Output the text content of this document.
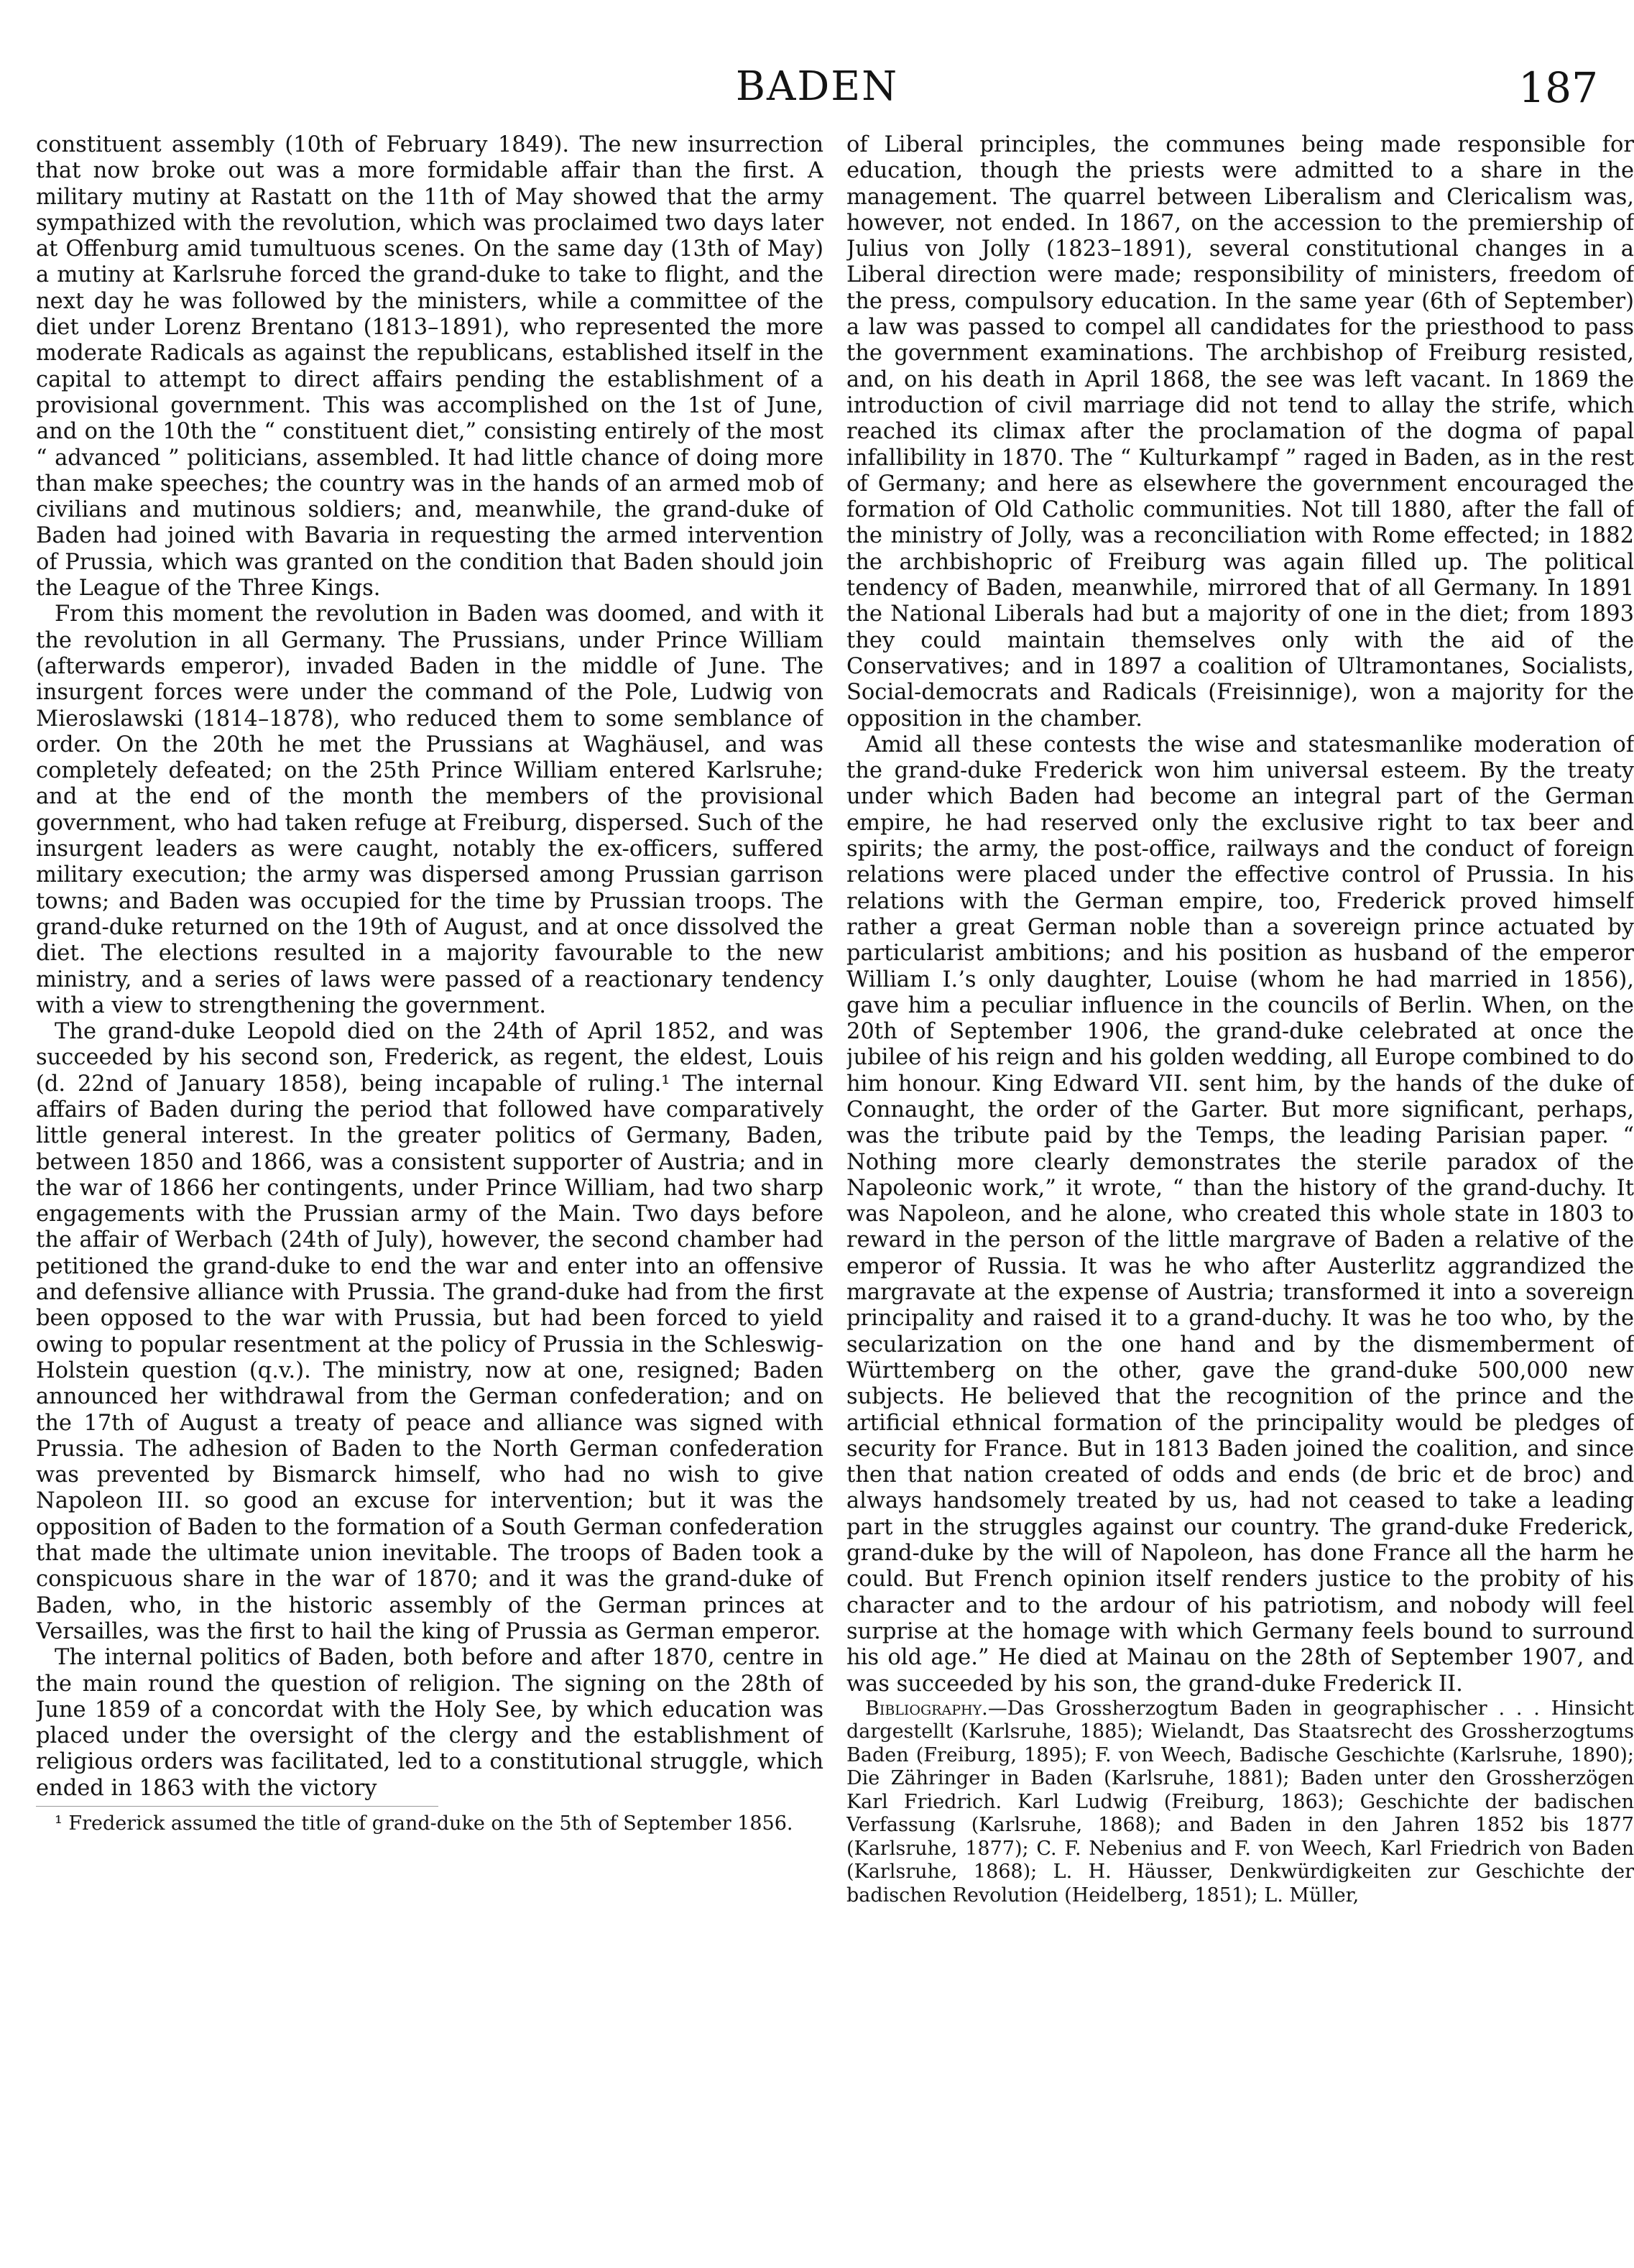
BADEN	187

constituent assembly (10th of February 1849). The new insurrection that now broke out was a more formidable affair than the first. A military mutiny at Rastatt on the 11th of May showed that the army sympathized with the revolution, which was proclaimed two days later at Offenburg amid tumultuous scenes. On the same day (13th of May) a mutiny at Karlsruhe forced the grand-duke to take to flight, and the next day he was followed by the ministers, while a committee of the diet under Lorenz Brentano (1813–1891), who represented the more moderate Radicals as against the republicans, established itself in the capital to attempt to direct affairs pending the establishment of a provisional government. This was accomplished on the 1st of June, and on the 10th the “ constituent diet,” consisting entirely of the most “ advanced ” politicians, assembled. It had little chance of doing more than make speeches; the country was in the hands of an armed mob of civilians and mutinous soldiers; and, meanwhile, the grand-duke of Baden had joined with Bavaria in requesting the armed intervention of Prussia, which was granted on the condition that Baden should join the League of the Three Kings.

From this moment the revolution in Baden was doomed, and with it the revolution in all Germany. The Prussians, under Prince William (afterwards emperor), invaded Baden in the middle of June. The insurgent forces were under the command of the Pole, Ludwig von Mieroslawski (1814–1878), who reduced them to some semblance of order. On the 20th he met the Prussians at Waghäusel, and was completely defeated; on the 25th Prince William entered Karlsruhe; and at the end of the month the members of the provisional government, who had taken refuge at Freiburg, dispersed. Such of the insurgent leaders as were caught, notably the ex-officers, suffered military execution; the army was dispersed among Prussian garrison towns; and Baden was occupied for the time by Prussian troops. The grand-duke returned on the 19th of August, and at once dissolved the diet. The elections resulted in a majority favourable to the new ministry, and a series of laws were passed of a reactionary tendency with a view to strengthening the government.

The grand-duke Leopold died on the 24th of April 1852, and was succeeded by his second son, Frederick, as regent, the eldest, Louis (d. 22nd of January 1858), being incapable of ruling.¹ The internal affairs of Baden during the period that followed have comparatively little general interest. In the greater politics of Germany, Baden, between 1850 and 1866, was a consistent supporter of Austria; and in the war of 1866 her contingents, under Prince William, had two sharp engagements with the Prussian army of the Main. Two days before the affair of Werbach (24th of July), however, the second chamber had petitioned the grand-duke to end the war and enter into an offensive and defensive alliance with Prussia. The grand-duke had from the first been opposed to the war with Prussia, but had been forced to yield owing to popular resentment at the policy of Prussia in the Schleswig-Holstein question (q.v.). The ministry, now at one, resigned; Baden announced her withdrawal from the German confederation; and on the 17th of August a treaty of peace and alliance was signed with Prussia. The adhesion of Baden to the North German confederation was prevented by Bismarck himself, who had no wish to give Napoleon III. so good an excuse for intervention; but it was the opposition of Baden to the formation of a South German confederation that made the ultimate union inevitable. The troops of Baden took a conspicuous share in the war of 1870; and it was the grand-duke of Baden, who, in the historic assembly of the German princes at Versailles, was the first to hail the king of Prussia as German emperor.

The internal politics of Baden, both before and after 1870, centre in the main round the question of religion. The signing on the 28th of June 1859 of a concordat with the Holy See, by which education was placed under the oversight of the clergy and the establishment of religious orders was facilitated, led to a constitutional struggle, which ended in 1863 with the victory

¹ Frederick assumed the title of grand-duke on the 5th of September 1856.

of Liberal principles, the communes being made responsible for education, though the priests were admitted to a share in the management. The quarrel between Liberalism and Clericalism was, however, not ended. In 1867, on the accession to the premiership of Julius von Jolly (1823–1891), several constitutional changes in a Liberal direction were made; responsibility of ministers, freedom of the press, compulsory education. In the same year (6th of September) a law was passed to compel all candidates for the priesthood to pass the government examinations. The archbishop of Freiburg resisted, and, on his death in April 1868, the see was left vacant. In 1869 the introduction of civil marriage did not tend to allay the strife, which reached its climax after the proclamation of the dogma of papal infallibility in 1870. The “ Kulturkampf ” raged in Baden, as in the rest of Germany; and here as elsewhere the government encouraged the formation of Old Catholic communities. Not till 1880, after the fall of the ministry of Jolly, was a reconciliation with Rome effected; in 1882 the archbishopric of Freiburg was again filled up. The political tendency of Baden, meanwhile, mirrored that of all Germany. In 1891 the National Liberals had but a majority of one in the diet; from 1893 they could maintain themselves only with the aid of the Conservatives; and in 1897 a coalition of Ultramontanes, Socialists, Social-democrats and Radicals (Freisinnige), won a majority for the opposition in the chamber.

Amid all these contests the wise and statesmanlike moderation of the grand-duke Frederick won him universal esteem. By the treaty under which Baden had become an integral part of the German empire, he had reserved only the exclusive right to tax beer and spirits; the army, the post-office, railways and the conduct of foreign relations were placed under the effective control of Prussia. In his relations with the German empire, too, Frederick proved himself rather a great German noble than a sovereign prince actuated by particularist ambitions; and his position as husband of the emperor William I.’s only daughter, Louise (whom he had married in 1856), gave him a peculiar influence in the councils of Berlin. When, on the 20th of September 1906, the grand-duke celebrated at once the jubilee of his reign and his golden wedding, all Europe combined to do him honour. King Edward VII. sent him, by the hands of the duke of Connaught, the order of the Garter. But more significant, perhaps, was the tribute paid by the Temps, the leading Parisian paper. “ Nothing more clearly demonstrates the sterile paradox of the Napoleonic work,” it wrote, “ than the history of the grand-duchy. It was Napoleon, and he alone, who created this whole state in 1803 to reward in the person of the little margrave of Baden a relative of the emperor of Russia. It was he who after Austerlitz aggrandized the margravate at the expense of Austria; transformed it into a sovereign principality and raised it to a grand-duchy. It was he too who, by the secularization on the one hand and by the dismemberment of Württemberg on the other, gave the grand-duke 500,000 new subjects. He believed that the recognition of the prince and the artificial ethnical formation of the principality would be pledges of security for France. But in 1813 Baden joined the coalition, and since then that nation created of odds and ends (de bric et de broc) and always handsomely treated by us, had not ceased to take a leading part in the struggles against our country. The grand-duke Frederick, grand-duke by the will of Napoleon, has done France all the harm he could. But French opinion itself renders justice to the probity of his character and to the ardour of his patriotism, and nobody will feel surprise at the homage with which Germany feels bound to surround his old age.” He died at Mainau on the 28th of September 1907, and was succeeded by his son, the grand-duke Frederick II.

Bibliography.—Das Grossherzogtum Baden in geographischer . . . Hinsicht dargestellt (Karlsruhe, 1885); Wielandt, Das Staatsrecht des Grossherzogtums Baden (Freiburg, 1895); F. von Weech, Badische Geschichte (Karlsruhe, 1890); Die Zähringer in Baden (Karlsruhe, 1881); Baden unter den Grossherzögen Karl Friedrich. Karl Ludwig (Freiburg, 1863); Geschichte der badischen Verfassung (Karlsruhe, 1868); and Baden in den Jahren 1852 bis 1877 (Karlsruhe, 1877); C. F. Nebenius and F. von Weech, Karl Friedrich von Baden (Karlsruhe, 1868); L. H. Häusser, Denkwürdigkeiten zur Geschichte der badischen Revolution (Heidelberg, 1851); L. Müller,
